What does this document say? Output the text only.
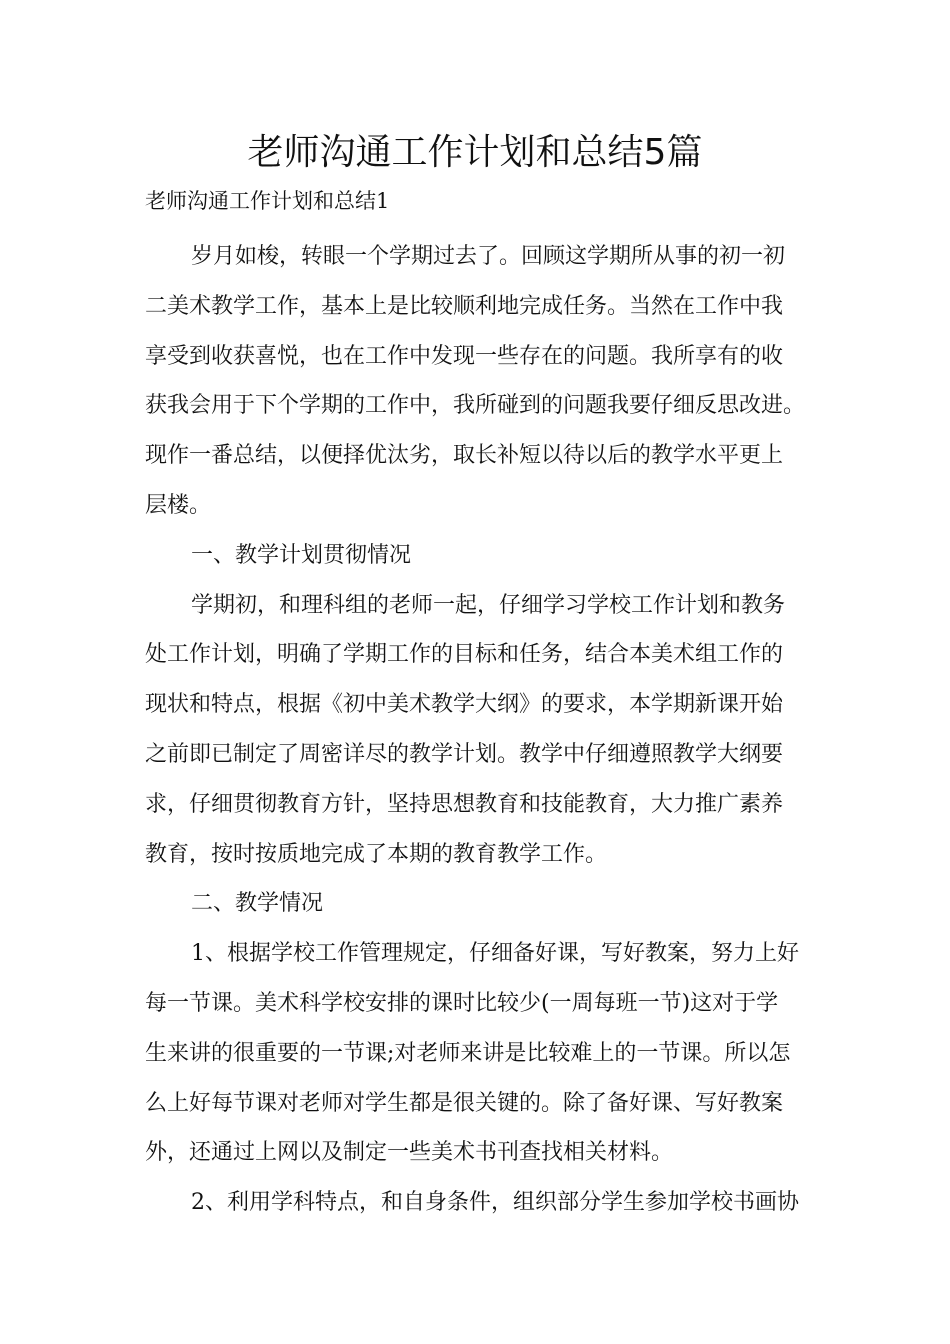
老师沟通工作计划和总结5篇

老师沟通工作计划和总结1

岁月如梭，转眼一个学期过去了。回顾这学期所从事的初一初
二美术教学工作，基本上是比较顺利地完成任务。当然在工作中我
享受到收获喜悦，也在工作中发现一些存在的问题。我所享有的收
获我会用于下个学期的工作中，我所碰到的问题我要仔细反思改进。
现作一番总结，以便择优汰劣，取长补短以待以后的教学水平更上
层楼。
一、教学计划贯彻情况
学期初，和理科组的老师一起，仔细学习学校工作计划和教务
处工作计划，明确了学期工作的目标和任务，结合本美术组工作的
现状和特点，根据《初中美术教学大纲》的要求，本学期新课开始
之前即已制定了周密详尽的教学计划。教学中仔细遵照教学大纲要
求，仔细贯彻教育方针，坚持思想教育和技能教育，大力推广素养
教育，按时按质地完成了本期的教育教学工作。
二、教学情况
1、根据学校工作管理规定，仔细备好课，写好教案，努力上好
每一节课。美术科学校安排的课时比较少(一周每班一节)这对于学
生来讲的很重要的一节课;对老师来讲是比较难上的一节课。所以怎
么上好每节课对老师对学生都是很关键的。除了备好课、写好教案
外，还通过上网以及制定一些美术书刊查找相关材料。
2、利用学科特点，和自身条件，组织部分学生参加学校书画协
